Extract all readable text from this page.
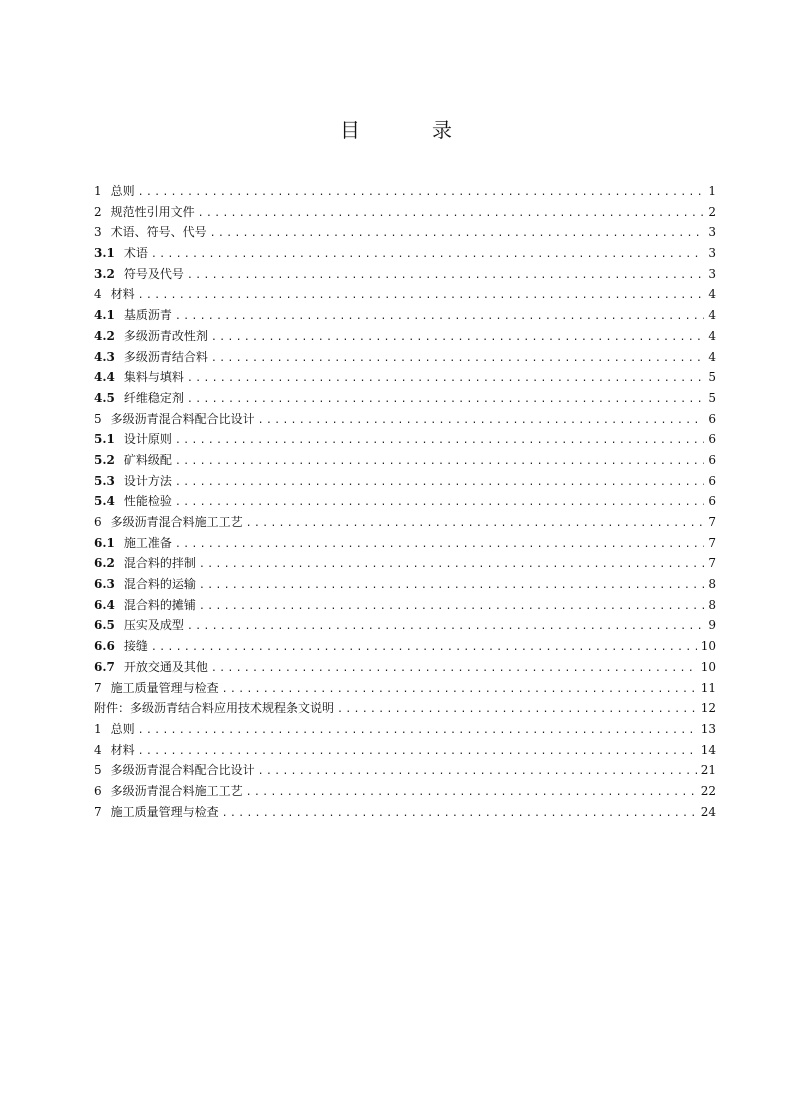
目　录
1 总则 .....	1
2 规范性引用文件 .....	2
3 术语、符号、代号 .....	3
3.1 术语 .....	3
3.2 符号及代号 .....	3
4 材料 .....	4
4.1 基质沥青 .....	4
4.2 多级沥青改性剂 .....	4
4.3 多级沥青结合料 .....	4
4.4 集料与填料 .....	5
4.5 纤维稳定剂 .....	5
5 多级沥青混合料配合比设计 .....	6
5.1 设计原则 .....	6
5.2 矿料级配 .....	6
5.3 设计方法 .....	6
5.4 性能检验 .....	6
6 多级沥青混合料施工工艺 .....	7
6.1 施工准备 .....	7
6.2 混合料的拌制 .....	7
6.3 混合料的运输 .....	8
6.4 混合料的摊铺 .....	8
6.5 压实及成型 .....	9
6.6 接缝 .....	10
6.7 开放交通及其他 .....	10
7 施工质量管理与检查 .....	11
附件： 多级沥青结合料应用技术规程条文说明 .....	12
1 总则 .....	13
4 材料 .....	14
5 多级沥青混合料配合比设计 .....	21
6 多级沥青混合料施工工艺 .....	22
7 施工质量管理与检查 .....	24
